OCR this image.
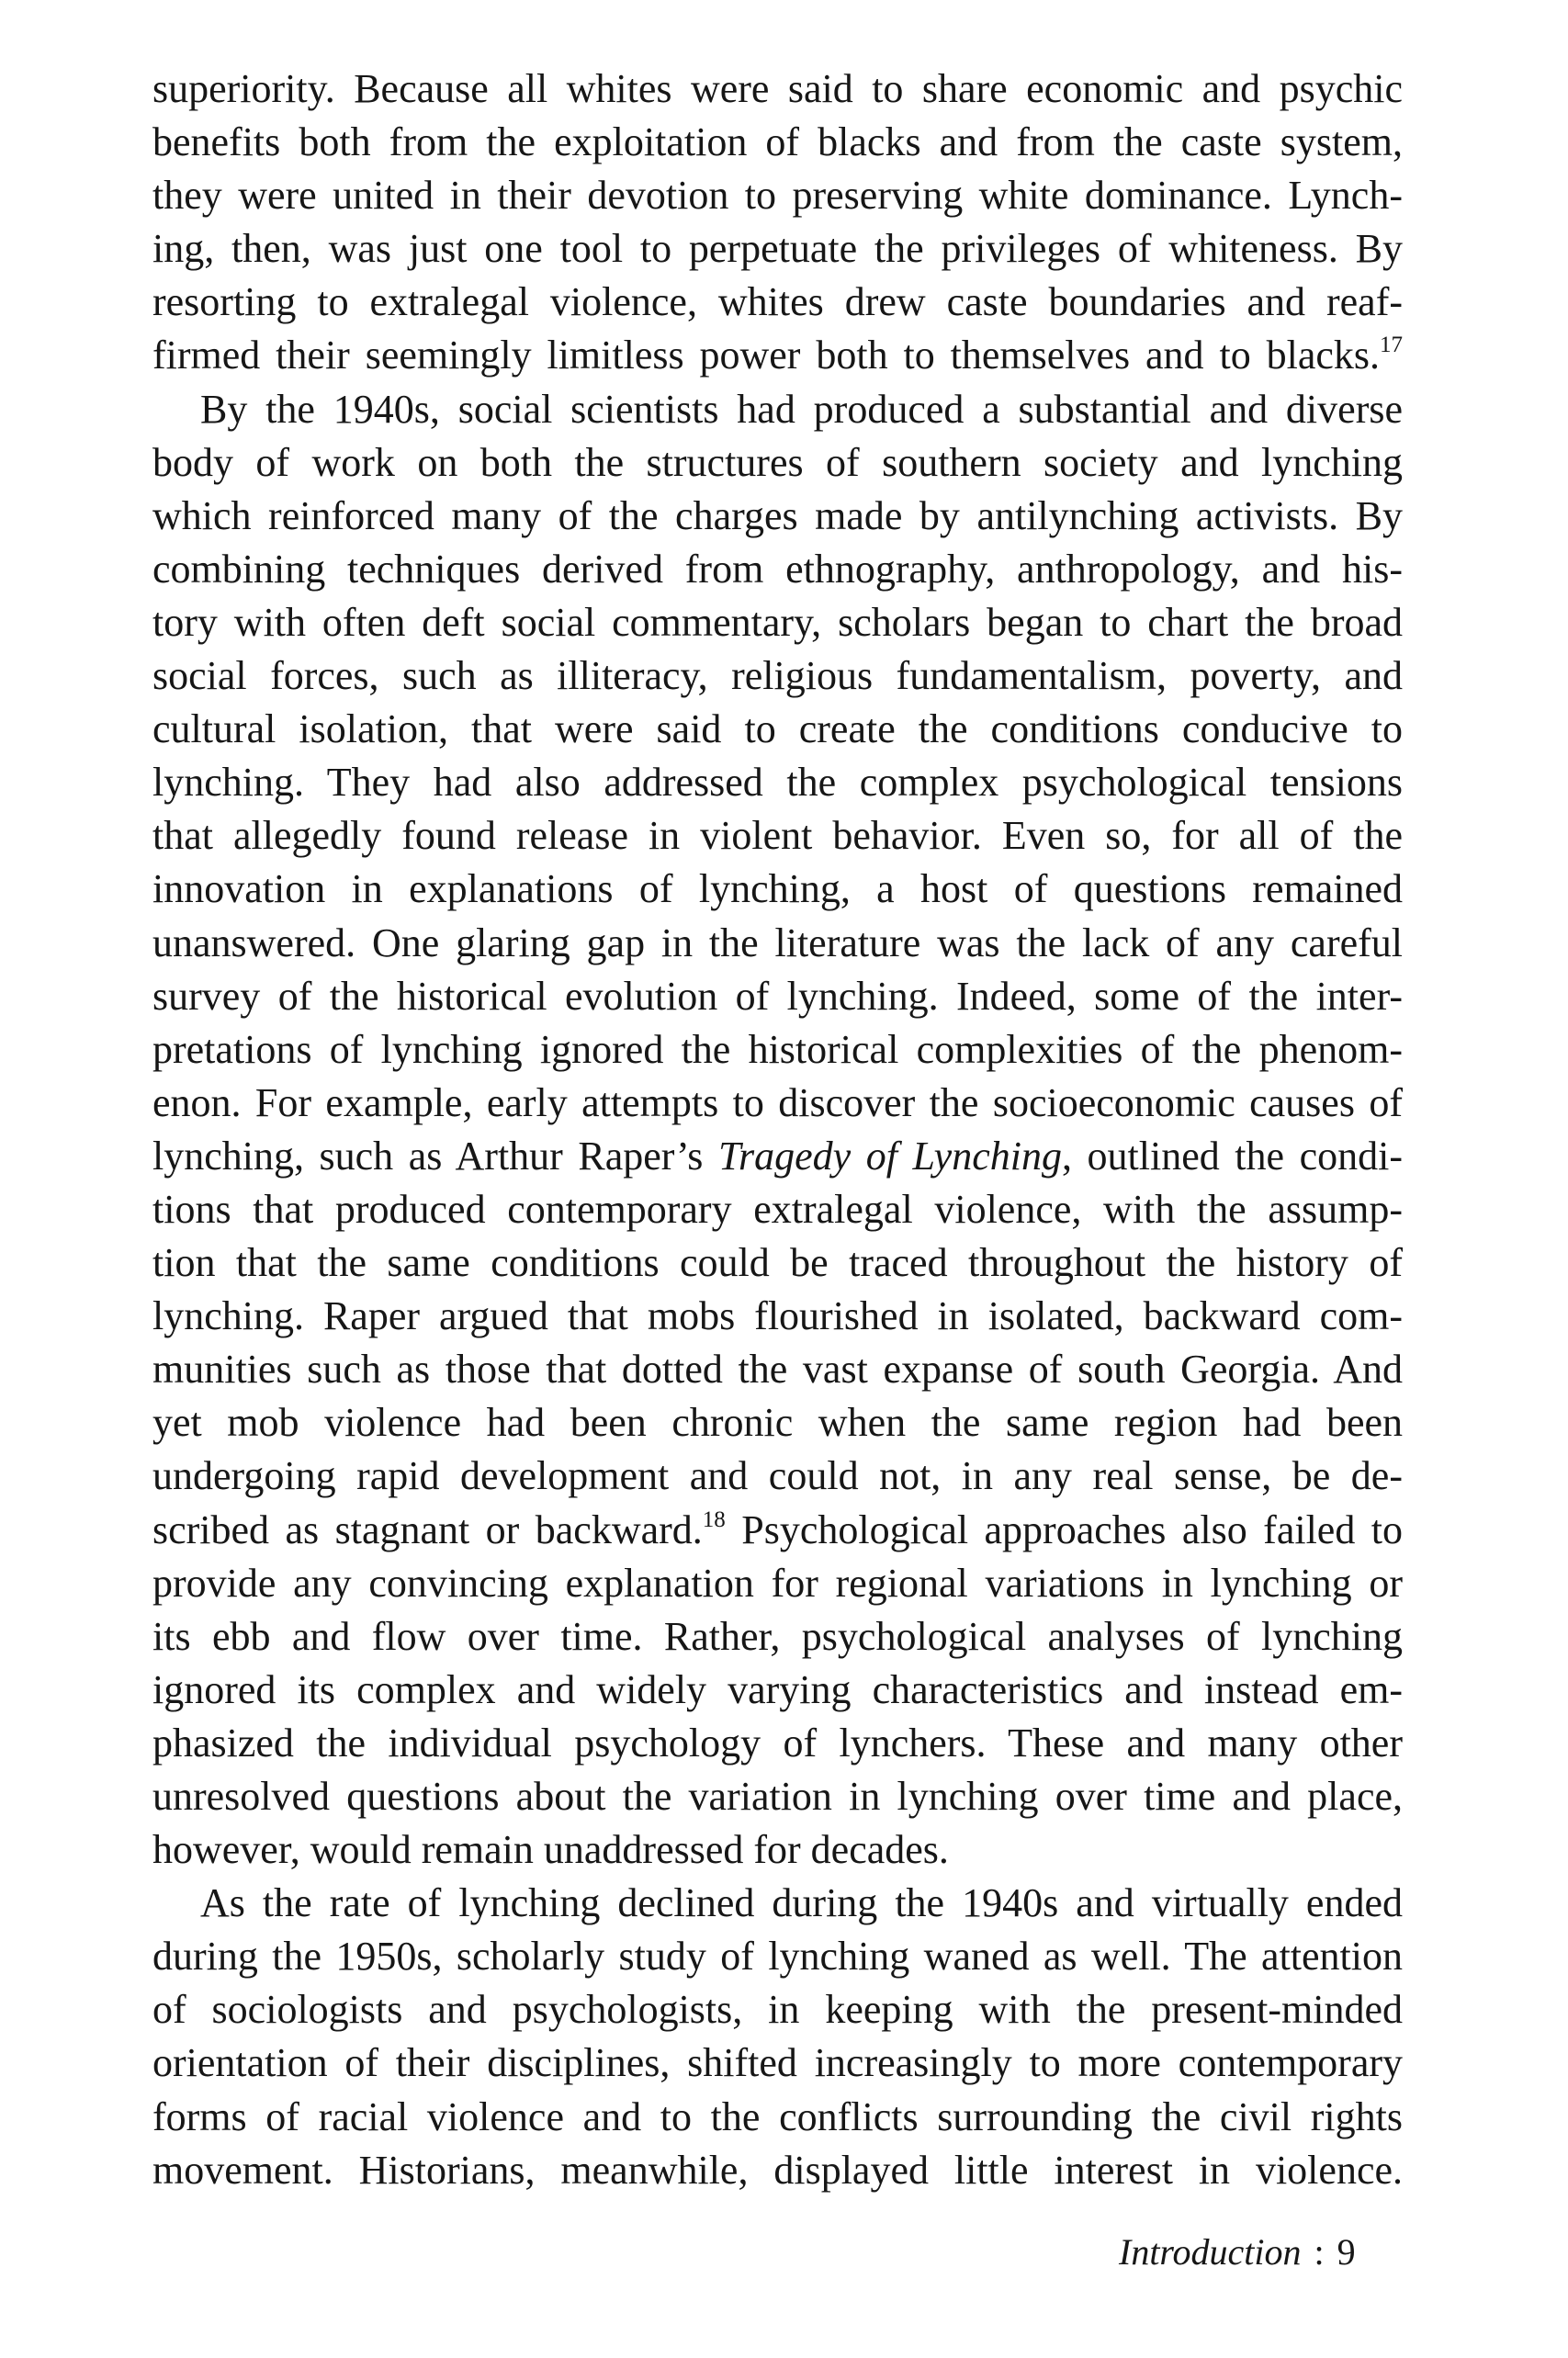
superiority. Because all whites were said to share economic and psychic
benefits both from the exploitation of blacks and from the caste system,
they were united in their devotion to preserving white dominance. Lynch-
ing, then, was just one tool to perpetuate the privileges of whiteness. By
resorting to extralegal violence, whites drew caste boundaries and reaf-
firmed their seemingly limitless power both to themselves and to blacks.$^{17}$
By the 1940s, social scientists had produced a substantial and diverse
body of work on both the structures of southern society and lynching
which reinforced many of the charges made by antilynching activists. By
combining techniques derived from ethnography, anthropology, and his-
tory with often deft social commentary, scholars began to chart the broad
social forces, such as illiteracy, religious fundamentalism, poverty, and
cultural isolation, that were said to create the conditions conducive to
lynching. They had also addressed the complex psychological tensions
that allegedly found release in violent behavior. Even so, for all of the
innovation in explanations of lynching, a host of questions remained
unanswered. One glaring gap in the literature was the lack of any careful
survey of the historical evolution of lynching. Indeed, some of the inter-
pretations of lynching ignored the historical complexities of the phenom-
enon. For example, early attempts to discover the socioeconomic causes of
lynching, such as Arthur Raper’s Tragedy of Lynching, outlined the condi-
tions that produced contemporary extralegal violence, with the assump-
tion that the same conditions could be traced throughout the history of
lynching. Raper argued that mobs flourished in isolated, backward com-
munities such as those that dotted the vast expanse of south Georgia. And
yet mob violence had been chronic when the same region had been
undergoing rapid development and could not, in any real sense, be de-
scribed as stagnant or backward.$^{18}$ Psychological approaches also failed to
provide any convincing explanation for regional variations in lynching or
its ebb and flow over time. Rather, psychological analyses of lynching
ignored its complex and widely varying characteristics and instead em-
phasized the individual psychology of lynchers. These and many other
unresolved questions about the variation in lynching over time and place,
however, would remain unaddressed for decades.
As the rate of lynching declined during the 1940s and virtually ended
during the 1950s, scholarly study of lynching waned as well. The attention
of sociologists and psychologists, in keeping with the present-minded
orientation of their disciplines, shifted increasingly to more contemporary
forms of racial violence and to the conflicts surrounding the civil rights
movement. Historians, meanwhile, displayed little interest in violence.
Introduction : 9
